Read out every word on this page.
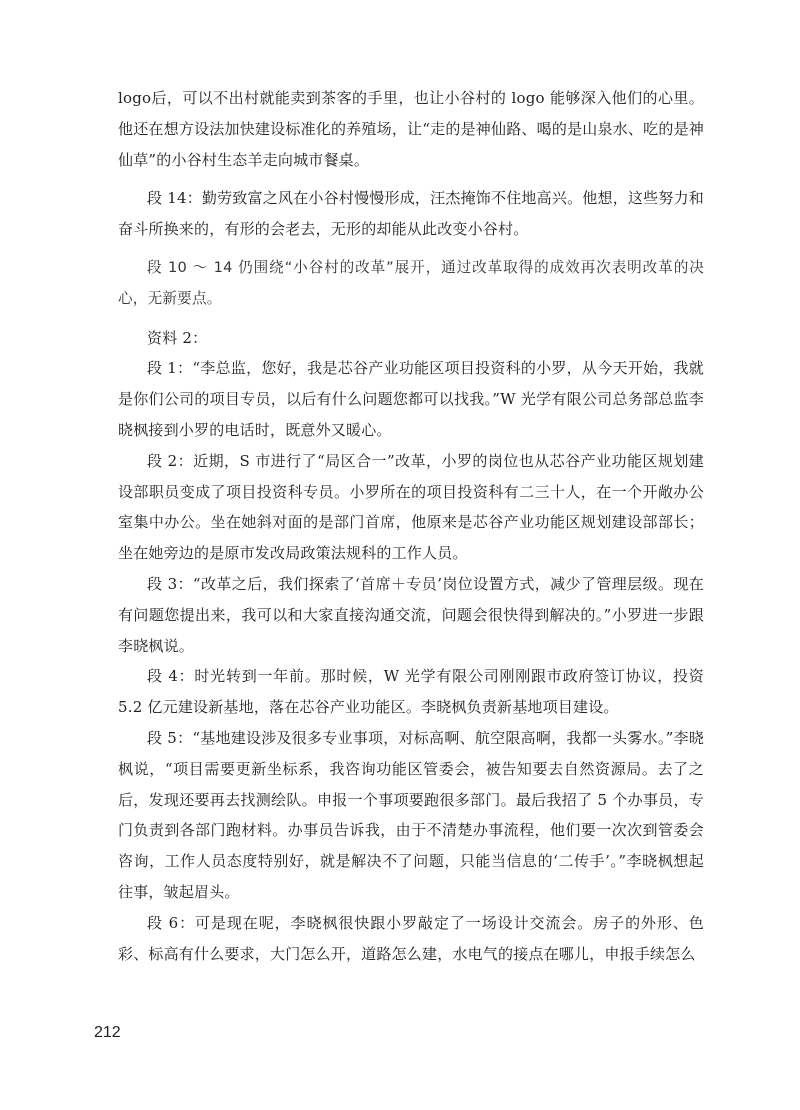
logo后，可以不出村就能卖到茶客的手里，也让小谷村的 logo 能够深入他们的心里。他还在想方设法加快建设标准化的养殖场，让“走的是神仙路、喝的是山泉水、吃的是神仙草”的小谷村生态羊走向城市餐桌。

段 14：勤劳致富之风在小谷村慢慢形成，汪杰掩饰不住地高兴。他想，这些努力和奋斗所换来的，有形的会老去，无形的却能从此改变小谷村。

段 10 ～ 14 仍围绕“小谷村的改革”展开，通过改革取得的成效再次表明改革的决心，无新要点。

资料 2：

段 1：“李总监，您好，我是芯谷产业功能区项目投资科的小罗，从今天开始，我就是你们公司的项目专员，以后有什么问题您都可以找我。”W 光学有限公司总务部总监李晓枫接到小罗的电话时，既意外又暖心。

段 2：近期，S 市进行了“局区合一”改革，小罗的岗位也从芯谷产业功能区规划建设部职员变成了项目投资科专员。小罗所在的项目投资科有二三十人，在一个开敞办公室集中办公。坐在她斜对面的是部门首席，他原来是芯谷产业功能区规划建设部部长；坐在她旁边的是原市发改局政策法规科的工作人员。

段 3：“改革之后，我们探索了‘首席＋专员’岗位设置方式，减少了管理层级。现在有问题您提出来，我可以和大家直接沟通交流，问题会很快得到解决的。”小罗进一步跟李晓枫说。

段 4：时光转到一年前。那时候，W 光学有限公司刚刚跟市政府签订协议，投资 5.2 亿元建设新基地，落在芯谷产业功能区。李晓枫负责新基地项目建设。

段 5：“基地建设涉及很多专业事项，对标高啊、航空限高啊，我都一头雾水。”李晓枫说，“项目需要更新坐标系，我咨询功能区管委会，被告知要去自然资源局。去了之后，发现还要再去找测绘队。申报一个事项要跑很多部门。最后我招了 5 个办事员，专门负责到各部门跑材料。办事员告诉我，由于不清楚办事流程，他们要一次次到管委会咨询，工作人员态度特别好，就是解决不了问题，只能当信息的‘二传手’。”李晓枫想起往事，皱起眉头。

段 6：可是现在呢，李晓枫很快跟小罗敲定了一场设计交流会。房子的外形、色彩、标高有什么要求，大门怎么开，道路怎么建，水电气的接点在哪儿，申报手续怎么

212
